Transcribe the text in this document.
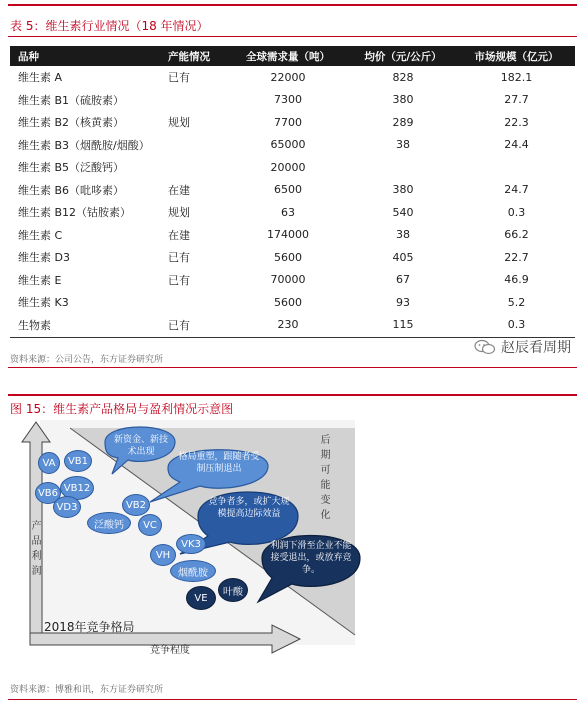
表 5：维生素行业情况（18 年情况）
品种	产能情况	全球需求量（吨）	均价（元/公斤）	市场规模（亿元）
维生素 A	已有	22000	828	182.1
维生素 B1（硫胺素）		7300	380	27.7
维生素 B2（核黄素）	规划	7700	289	22.3
维生素 B3（烟酰胺/烟酸）		65000	38	24.4
维生素 B5（泛酸钙）		20000		
维生素 B6（吡哆素）	在建	6500	380	24.7
维生素 B12（钴胺素）	规划	63	540	0.3
维生素 C	在建	174000	38	66.2
维生素 D3	已有	5600	405	22.7
维生素 E	已有	70000	67	46.9
维生素 K3		5600	93	5.2
生物素	已有	230	115	0.3
资料来源：公司公告，东方证券研究所
赵辰看周期
图 15：维生素产品格局与盈利情况示意图
新资金、新技术出现	格局重塑，跟随者受制压制退出
竞争者多，或扩大规模提高边际效益
利润下滑至企业不能接受退出，或放弃竞争。
VA	VB1
VB6 VB12
VD3
泛酸钙
VB2
VC
VK3
VH
烟酰胺
VE
叶酸
产品利润
后期可能变化
2018年竞争格局
竞争程度
资料来源：博雅和讯，东方证券研究所
